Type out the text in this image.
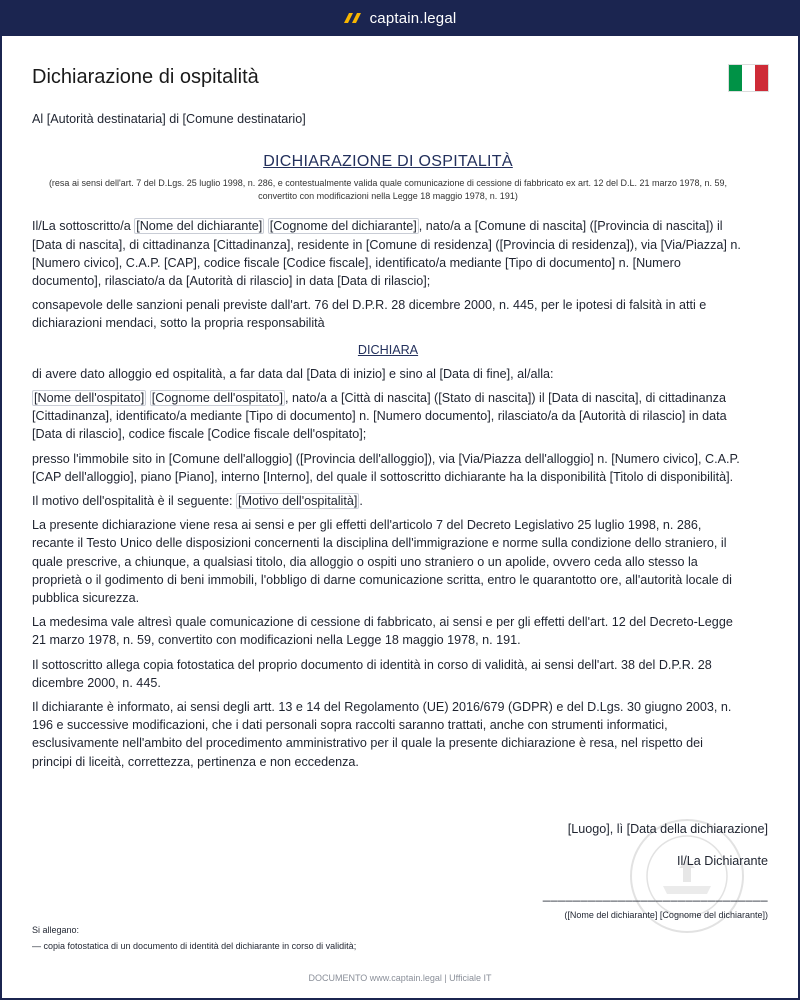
captain.legal
Dichiarazione di ospitalità

Al [Autorità destinataria] di [Comune destinatario]

DICHIARAZIONE DI OSPITALITÀ
(resa ai sensi dell'art. 7 del D.Lgs. 25 luglio 1998, n. 286, e contestualmente valida quale comunicazione di cessione di fabbricato ex art. 12 del D.L. 21 marzo 1978, n. 59, convertito con modificazioni nella Legge 18 maggio 1978, n. 191)

Il/La sottoscritto/a [Nome del dichiarante] [Cognome del dichiarante] , nato/a a [Comune di nascita] ([Provincia di nascita]) il [Data di nascita], di cittadinanza [Cittadinanza], residente in [Comune di residenza] ([Provincia di residenza]), via [Via/Piazza] n. [Numero civico], C.A.P. [CAP], codice fiscale [Codice fiscale], identificato/a mediante [Tipo di documento] n. [Numero documento], rilasciato/a da [Autorità di rilascio] in data [Data di rilascio];

consapevole delle sanzioni penali previste dall'art. 76 del D.P.R. 28 dicembre 2000, n. 445, per le ipotesi di falsità in atti e dichiarazioni mendaci, sotto la propria responsabilità

DICHIARA

di avere dato alloggio ed ospitalità, a far data dal [Data di inizio] e sino al [Data di fine], al/alla:

[Nome dell'ospitato] [Cognome dell'ospitato] , nato/a a [Città di nascita] ([Stato di nascita]) il [Data di nascita], di cittadinanza [Cittadinanza], identificato/a mediante [Tipo di documento] n. [Numero documento], rilasciato/a da [Autorità di rilascio] in data [Data di rilascio], codice fiscale [Codice fiscale dell'ospitato];

presso l'immobile sito in [Comune dell'alloggio] ([Provincia dell'alloggio]), via [Via/Piazza dell'alloggio] n. [Numero civico], C.A.P. [CAP dell'alloggio], piano [Piano], interno [Interno], del quale il sottoscritto dichiarante ha la disponibilità [Titolo di disponibilità].

Il motivo dell'ospitalità è il seguente: [Motivo dell'ospitalità] .

La presente dichiarazione viene resa ai sensi e per gli effetti dell'articolo 7 del Decreto Legislativo 25 luglio 1998, n. 286, recante il Testo Unico delle disposizioni concernenti la disciplina dell'immigrazione e norme sulla condizione dello straniero, il quale prescrive, a chiunque, a qualsiasi titolo, dia alloggio o ospiti uno straniero o un apolide, ovvero ceda allo stesso la proprietà o il godimento di beni immobili, l'obbligo di darne comunicazione scritta, entro le quarantotto ore, all'autorità locale di pubblica sicurezza.

La medesima vale altresì quale comunicazione di cessione di fabbricato, ai sensi e per gli effetti dell'art. 12 del Decreto-Legge 21 marzo 1978, n. 59, convertito con modificazioni nella Legge 18 maggio 1978, n. 191.

Il sottoscritto allega copia fotostatica del proprio documento di identità in corso di validità, ai sensi dell'art. 38 del D.P.R. 28 dicembre 2000, n. 445.

Il dichiarante è informato, ai sensi degli artt. 13 e 14 del Regolamento (UE) 2016/679 (GDPR) e del D.Lgs. 30 giugno 2003, n. 196 e successive modificazioni, che i dati personali sopra raccolti saranno trattati, anche con strumenti informatici, esclusivamente nell'ambito del procedimento amministrativo per il quale la presente dichiarazione è resa, nel rispetto dei principi di liceità, correttezza, pertinenza e non eccedenza.

[Luogo], lì [Data della dichiarazione]
Il/La Dichiarante
______________________________
([Nome del dichiarante] [Cognome del dichiarante])
Si allegano:
— copia fotostatica di un documento di identità del dichiarante in corso di validità;
DOCUMENTO www.captain.legal | Ufficiale IT
